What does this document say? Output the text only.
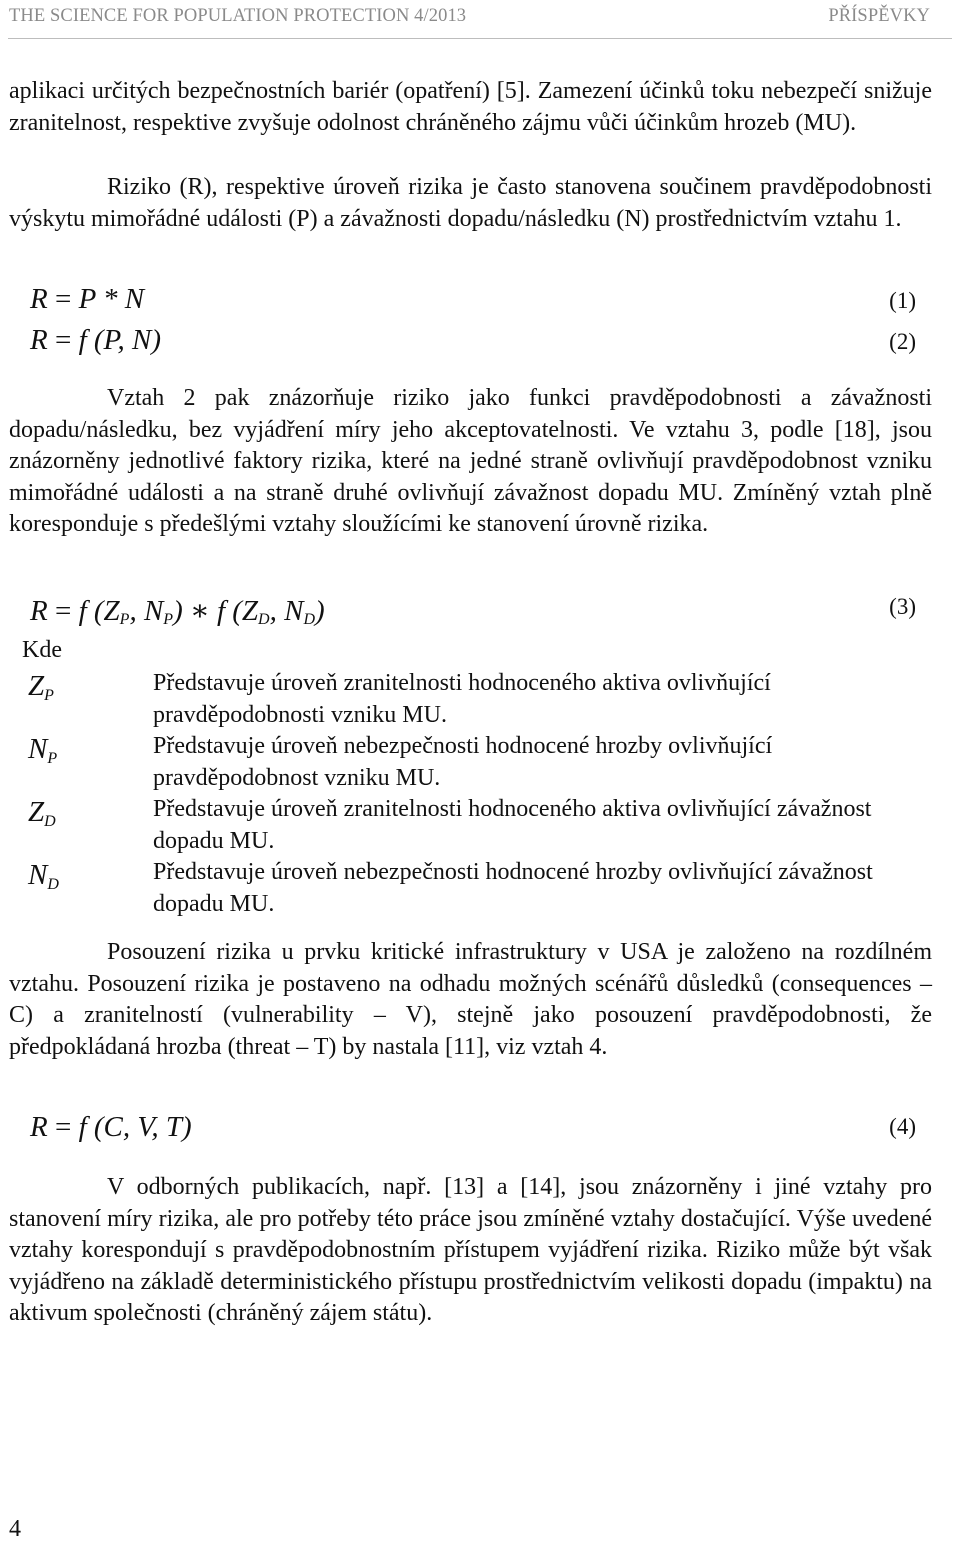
THE SCIENCE FOR POPULATION PROTECTION 4/2013	PŘÍSPĚVKY

aplikaci určitých bezpečnostních bariér (opatření) [5]. Zamezení účinků toku nebezpečí snižuje zranitelnost, respektive zvyšuje odolnost chráněného zájmu vůči účinkům hrozeb (MU).

Riziko (R), respektive úroveň rizika je často stanovena součinem pravděpodobnosti výskytu mimořádné události (P) a závažnosti dopadu/následku (N) prostřednictvím vztahu 1.

R = P * N	(1)
R = f (P, N)	(2)

Vztah 2 pak znázorňuje riziko jako funkci pravděpodobnosti a závažnosti dopadu/následku, bez vyjádření míry jeho akceptovatelnosti. Ve vztahu 3, podle [18], jsou znázorněny jednotlivé faktory rizika, které na jedné straně ovlivňují pravděpodobnost vzniku mimořádné události a na straně druhé ovlivňují závažnost dopadu MU. Zmíněný vztah plně koresponduje s předešlými vztahy sloužícími ke stanovení úrovně rizika.

R = f ($Z_P$, $N_P$) ∗ f ($Z_D$, $N_D$)	(3)
Kde
$Z_P$	Představuje úroveň zranitelnosti hodnoceného aktiva ovlivňující pravděpodobnosti vzniku MU.

$N_P$	Představuje úroveň nebezpečnosti hodnocené hrozby ovlivňující pravděpodobnost vzniku MU.

$Z_D$	Představuje úroveň zranitelnosti hodnoceného aktiva ovlivňující závažnost dopadu MU.

$N_D$	Představuje úroveň nebezpečnosti hodnocené hrozby ovlivňující závažnost dopadu MU.

Posouzení rizika u prvku kritické infrastruktury v USA je založeno na rozdílném vztahu. Posouzení rizika je postaveno na odhadu možných scénářů důsledků (consequences – C) a zranitelností (vulnerability – V), stejně jako posouzení pravděpodobnosti, že předpokládaná hrozba (threat – T) by nastala [11], viz vztah 4.

R = f (C, V, T)	(4)

V odborných publikacích, např. [13] a [14], jsou znázorněny i jiné vztahy pro stanovení míry rizika, ale pro potřeby této práce jsou zmíněné vztahy dostačující. Výše uvedené vztahy korespondují s pravděpodobnostním přístupem vyjádření rizika. Riziko může být však vyjádřeno na základě deterministického přístupu prostřednictvím velikosti dopadu (impaktu) na aktivum společnosti (chráněný zájem státu).

4
